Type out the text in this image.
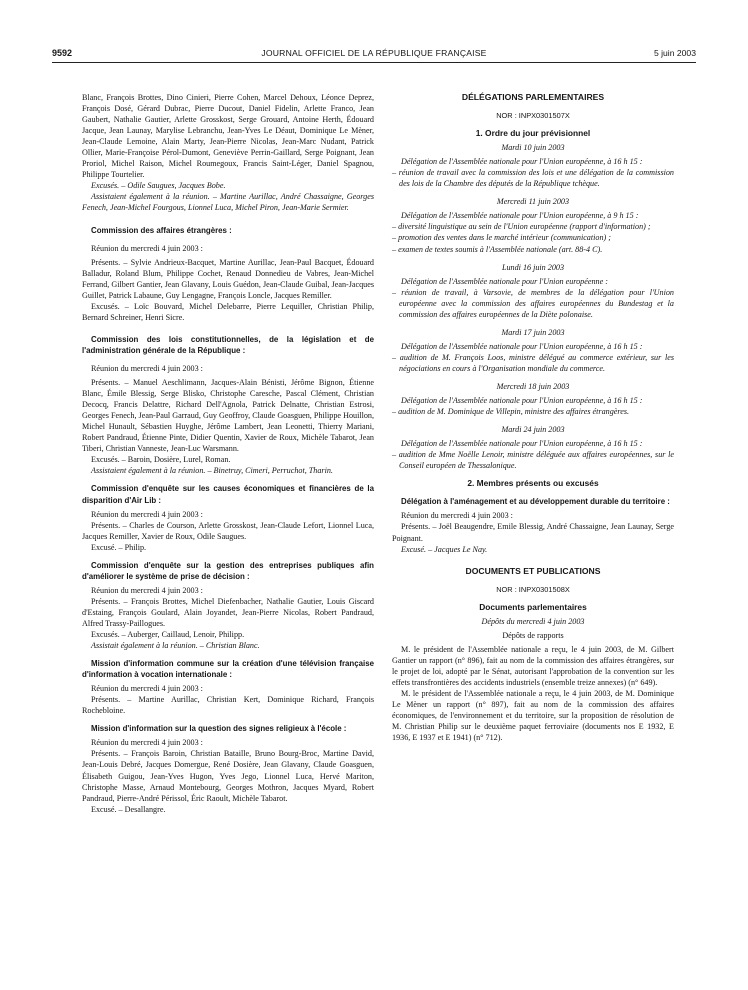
9592	JOURNAL OFFICIEL DE LA RÉPUBLIQUE FRANÇAISE	5 juin 2003

Blanc, François Brottes, Dino Cinieri, Pierre Cohen, Marcel Dehoux, Léonce Deprez, François Dosé, Gérard Dubrac, Pierre Ducout, Daniel Fidelin, Arlette Franco, Jean Gaubert, Nathalie Gautier, Arlette Grosskost, Serge Grouard, Antoine Herth, Édouard Jacque, Jean Launay, Marylise Lebranchu, Jean-Yves Le Déaut, Dominique Le Mèner, Jean-Claude Lemoine, Alain Marty, Jean-Pierre Nicolas, Jean-Marc Nudant, Patrick Ollier, Marie-Françoise Pérol-Dumont, Geneviève Perrin-Gaillard, Serge Poignant, Jean Proriol, Michel Raison, Michel Roumegoux, Francis Saint-Léger, Daniel Spagnou, Philippe Tourtelier.

Excusés. – Odile Saugues, Jacques Bobe.

Assistaient également à la réunion. – Martine Aurillac, André Chassaigne, Georges Fenech, Jean-Michel Fourgous, Lionnel Luca, Michel Piron, Jean-Marie Sermier.

Commission des affaires étrangères :

Réunion du mercredi 4 juin 2003 :

Présents. – Sylvie Andrieux-Bacquet, Martine Aurillac, Jean-Paul Bacquet, Édouard Balladur, Roland Blum, Philippe Cochet, Renaud Donnedieu de Vabres, Jean-Michel Ferrand, Gilbert Gantier, Jean Glavany, Louis Guédon, Jean-Claude Guibal, Jean-Jacques Guillet, Patrick Labaune, Guy Lengagne, François Loncle, Jacques Remiller.

Excusés. – Loïc Bouvard, Michel Delebarre, Pierre Lequiller, Christian Philip, Bernard Schreiner, Henri Sicre.

Commission des lois constitutionnelles, de la législation et de l'administration générale de la République :

Réunion du mercredi 4 juin 2003 :

Présents. – Manuel Aeschlimann, Jacques-Alain Bénisti, Jérôme Bignon, Étienne Blanc, Émile Blessig, Serge Blisko, Christophe Caresche, Pascal Clément, Christian Decocq, Francis Delattre, Richard Dell'Agnola, Patrick Delnatte, Christian Estrosi, Georges Fenech, Jean-Paul Garraud, Guy Geoffroy, Claude Goasguen, Philippe Houillon, Michel Hunault, Sébastien Huyghe, Jérôme Lambert, Jean Leonetti, Thierry Mariani, Robert Pandraud, Étienne Pinte, Didier Quentin, Xavier de Roux, Michèle Tabarot, Jean Tiberi, Christian Vanneste, Jean-Luc Warsmann.

Excusés. – Baroin, Dosière, Lurel, Roman.

Assistaient également à la réunion. – Binetruy, Cimeri, Perruchot, Tharin.

Commission d'enquête sur les causes économiques et financières de la disparition d'Air Lib :

Réunion du mercredi 4 juin 2003 :

Présents. – Charles de Courson, Arlette Grosskost, Jean-Claude Lefort, Lionnel Luca, Jacques Remiller, Xavier de Roux, Odile Saugues.

Excusé. – Philip.

Commission d'enquête sur la gestion des entreprises publiques afin d'améliorer le système de prise de décision :

Réunion du mercredi 4 juin 2003 :

Présents. – François Brottes, Michel Diefenbacher, Nathalie Gautier, Louis Giscard d'Estaing, François Goulard, Alain Joyandet, Jean-Pierre Nicolas, Robert Pandraud, Alfred Trassy-Paillogues.

Excusés. – Auberger, Caillaud, Lenoir, Philipp.

Assistait également à la réunion. – Christian Blanc.

Mission d'information commune sur la création d'une télévision française d'information à vocation internationale :

Réunion du mercredi 4 juin 2003 :

Présents. – Martine Aurillac, Christian Kert, Dominique Richard, François Rochebloine.

Mission d'information sur la question des signes religieux à l'école :

Réunion du mercredi 4 juin 2003 :

Présents. – François Baroin, Christian Bataille, Bruno Bourg-Broc, Martine David, Jean-Louis Debré, Jacques Domergue, René Dosière, Jean Glavany, Claude Goasguen, Élisabeth Guigou, Jean-Yves Hugon, Yves Jego, Lionnel Luca, Hervé Mariton, Christophe Masse, Arnaud Montebourg, Georges Mothron, Jacques Myard, Robert Pandraud, Pierre-André Périssol, Éric Raoult, Michèle Tabarot.

Excusé. – Desallangre.

DÉLÉGATIONS PARLEMENTAIRES

NOR : INPX0301507X

1. Ordre du jour prévisionnel

Mardi 10 juin 2003

Délégation de l'Assemblée nationale pour l'Union européenne, à 16 h 15 :

– réunion de travail avec la commission des lois et une délégation de la commission des lois de la Chambre des députés de la République tchèque.

Mercredi 11 juin 2003

Délégation de l'Assemblée nationale pour l'Union européenne, à 9 h 15 :

– diversité linguistique au sein de l'Union européenne (rapport d'information) ;

– promotion des ventes dans le marché intérieur (communication) ;

– examen de textes soumis à l'Assemblée nationale (art. 88-4 C).

Lundi 16 juin 2003

Délégation de l'Assemblée nationale pour l'Union européenne :

– réunion de travail, à Varsovie, de membres de la délégation pour l'Union européenne avec la commission des affaires européennes du Bundestag et la commission des affaires européennes de la Diète polonaise.

Mardi 17 juin 2003

Délégation de l'Assemblée nationale pour l'Union européenne, à 16 h 15 :

– audition de M. François Loos, ministre délégué au commerce extérieur, sur les négociations en cours à l'Organisation mondiale du commerce.

Mercredi 18 juin 2003

Délégation de l'Assemblée nationale pour l'Union européenne, à 16 h 15 :

– audition de M. Dominique de Villepin, ministre des affaires étrangères.

Mardi 24 juin 2003

Délégation de l'Assemblée nationale pour l'Union européenne, à 16 h 15 :

– audition de Mme Noëlle Lenoir, ministre déléguée aux affaires européennes, sur le Conseil européen de Thessalonique.

2. Membres présents ou excusés

Délégation à l'aménagement et au développement durable du territoire :

Réunion du mercredi 4 juin 2003 :

Présents. – Joël Beaugendre, Emile Blessig, André Chassaigne, Jean Launay, Serge Poignant.

Excusé. – Jacques Le Nay.

DOCUMENTS ET PUBLICATIONS

NOR : INPX0301508X

Documents parlementaires

Dépôts du mercredi 4 juin 2003

Dépôts de rapports

M. le président de l'Assemblée nationale a reçu, le 4 juin 2003, de M. Gilbert Gantier un rapport (n° 896), fait au nom de la commission des affaires étrangères, sur le projet de loi, adopté par le Sénat, autorisant l'approbation de la convention sur les effets transfrontières des accidents industriels (ensemble treize annexes) (n° 649).

M. le président de l'Assemblée nationale a reçu, le 4 juin 2003, de M. Dominique Le Mèner un rapport (n° 897), fait au nom de la commission des affaires économiques, de l'environnement et du territoire, sur la proposition de résolution de M. Christian Philip sur le deuxième paquet ferroviaire (documents nos E 1932, E 1936, E 1937 et E 1941) (n° 712).
